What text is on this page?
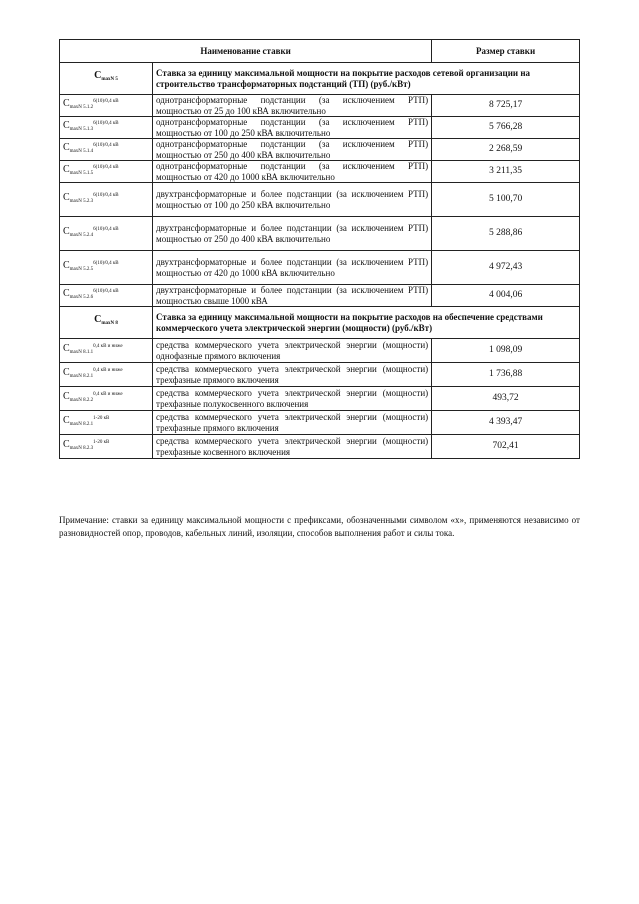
Наименование ставки		Размер ставки
$C_{maxN 5}$	Ставка за единицу максимальной мощности на покрытие расходов сетевой организации на строительство трансформаторных подстанций (ТП) (руб./кВт)	
$C_{maxN 5.1.2}^{6(10)/0,4 кВ}$	однотрансформаторные подстанции (за исключением РТП) мощностью от 25 до 100 кВА включительно	8 725,17
$C_{maxN 5.1.3}^{6(10)/0,4 кВ}$	однотрансформаторные подстанции (за исключением РТП) мощностью от 100 до 250 кВА включительно	5 766,28
$C_{maxN 5.1.4}^{6(10)/0,4 кВ}$	однотрансформаторные подстанции (за исключением РТП) мощностью от 250 до 400 кВА включительно	2 268,59
$C_{maxN 5.1.5}^{6(10)/0,4 кВ}$	однотрансформаторные подстанции (за исключением РТП) мощностью от 420 до 1000 кВА включительно	3 211,35
$C_{maxN 5.2.3}^{6(10)/0,4 кВ}$	двухтрансформаторные и более подстанции (за исключением РТП) мощностью от 100 до 250 кВА включительно	5 100,70
$C_{maxN 5.2.4}^{6(10)/0,4 кВ}$	двухтрансформаторные и более подстанции (за исключением РТП) мощностью от 250 до 400 кВА включительно	5 288,86
$C_{maxN 5.2.5}^{6(10)/0,4 кВ}$	двухтрансформаторные и более подстанции (за исключением РТП) мощностью от 420 до 1000 кВА включительно	4 972,43
$C_{maxN 5.2.6}^{6(10)/0,4 кВ}$	двухтрансформаторные и более подстанции (за исключением РТП) мощностью свыше 1000 кВА	4 004,06
$C_{maxN 8}$	Ставка за единицу максимальной мощности на покрытие расходов на обеспечение средствами коммерческого учета электрической энергии (мощности) (руб./кВт)	
$C_{maxN 8.1.1}^{0,4 кВ и ниже}$	средства коммерческого учета электрической энергии (мощности) однофазные прямого включения	1 098,09
$C_{maxN 8.2.1}^{0,4 кВ и ниже}$	средства коммерческого учета электрической энергии (мощности) трехфазные прямого включения	1 736,88
$C_{maxN 8.2.2}^{0,4 кВ и ниже}$	средства коммерческого учета электрической энергии (мощности) трехфазные полукосвенного включения	493,72
$C_{maxN 8.2.1}^{1-20 кВ}$	средства коммерческого учета электрической энергии (мощности) трехфазные прямого включения	4 393,47
$C_{maxN 8.2.3}^{1-20 кВ}$	средства коммерческого учета электрической энергии (мощности) трехфазные косвенного включения	702,41
Примечание: ставки за единицу максимальной мощности с префиксами, обозначенными символом «х», применяются независимо от разновидностей опор, проводов, кабельных линий, изоляции, способов выполнения работ и силы тока.
